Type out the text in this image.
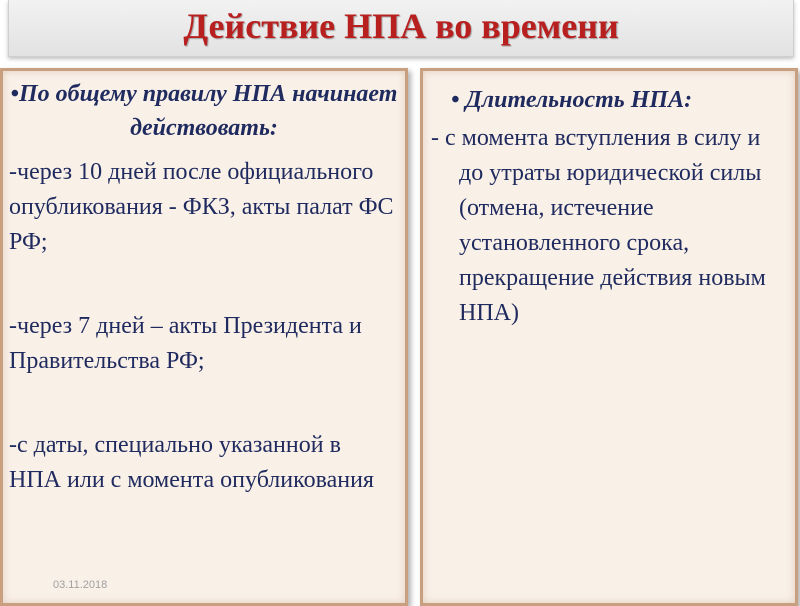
Действие НПА во времени
•По общему правилу НПА начинает действовать:
-через 10 дней после официального опубликования - ФКЗ, акты палат ФС РФ;
-через 7 дней – акты Президента и Правительства РФ;
-с даты, специально указанной в НПА или с момента опубликования
03.11.2018
• Длительность НПА:
- с момента вступления в силу и до утраты юридической силы (отмена, истечение установленного срока, прекращение действия новым НПА)
